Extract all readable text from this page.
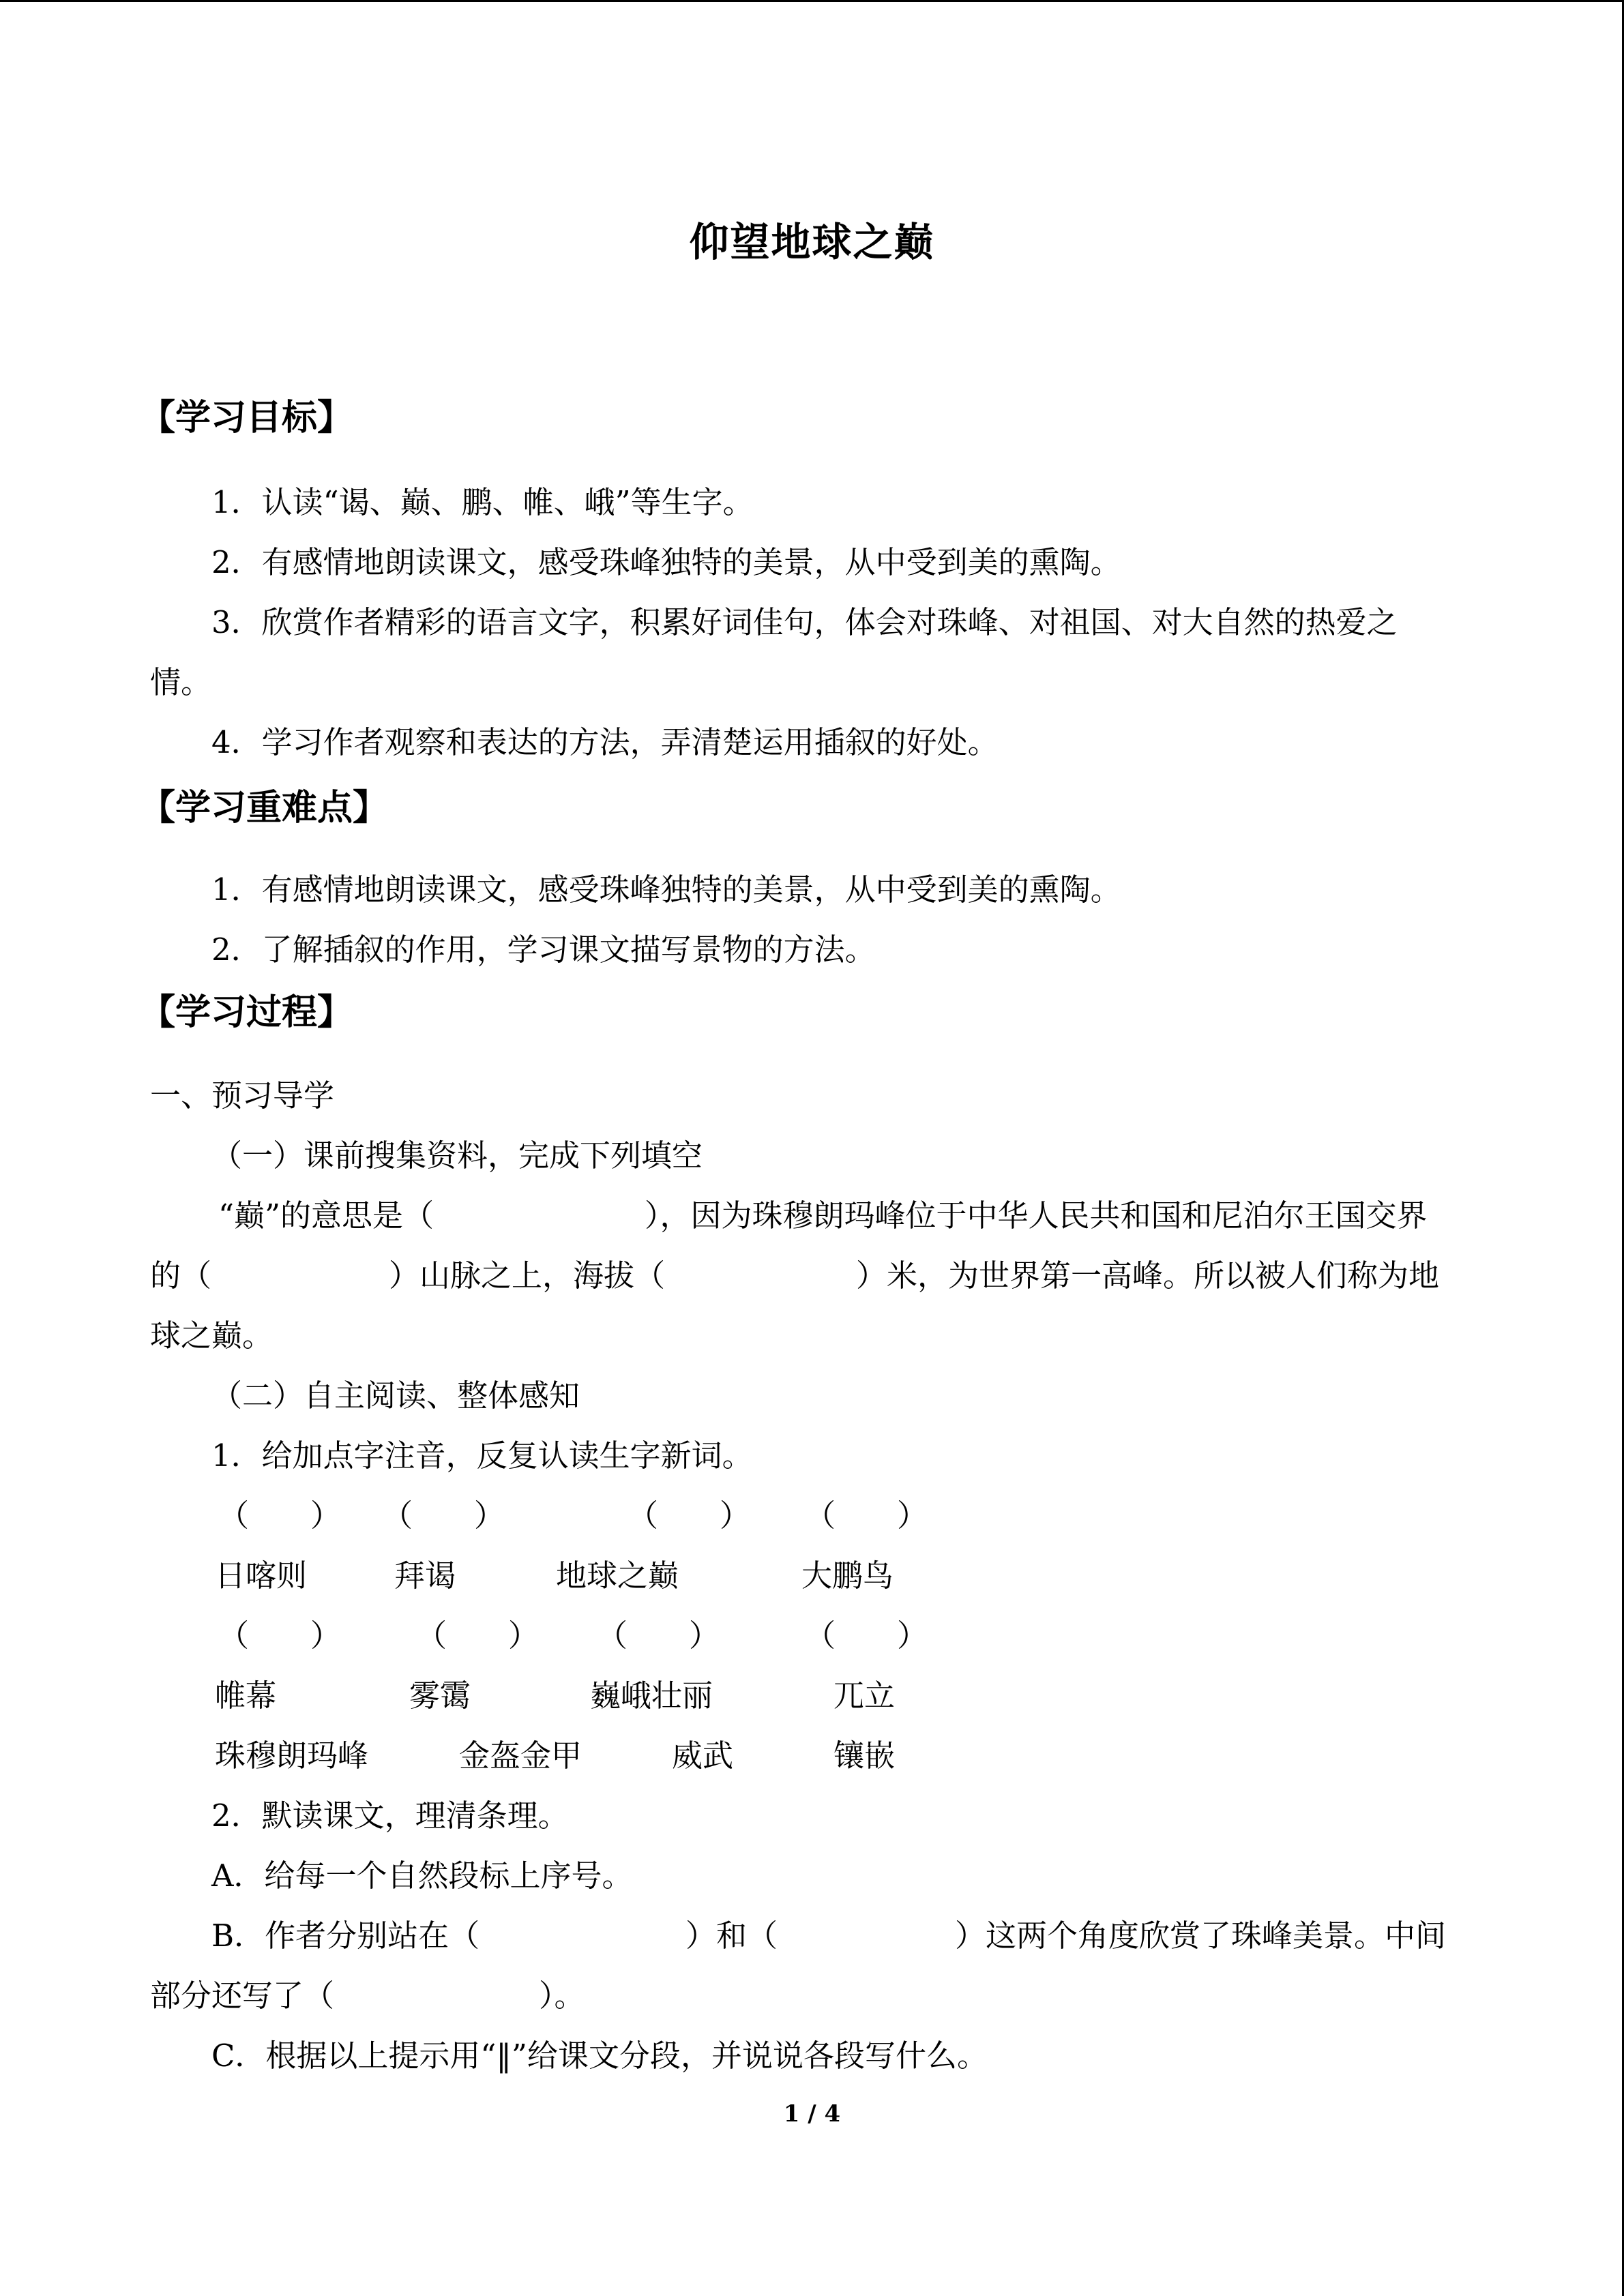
仰望地球之巅
【学习目标】
1．认读“谒、巅、鹏、帷、峨”等生字。
2．有感情地朗读课文，感受珠峰独特的美景，从中受到美的熏陶。
3．欣赏作者精彩的语言文字，积累好词佳句，体会对珠峰、对祖国、对大自然的热爱之
情。
4．学习作者观察和表达的方法，弄清楚运用插叙的好处。
【学习重难点】
1．有感情地朗读课文，感受珠峰独特的美景，从中受到美的熏陶。
2．了解插叙的作用，学习课文描写景物的方法。
【学习过程】
一、预习导学
（一）课前搜集资料，完成下列填空
“巅”的意思是（	），因为珠穆朗玛峰位于中华人民共和国和尼泊尔王国交界
的（	）山脉之上，海拔（	）米，为世界第一高峰。所以被人们称为地
球之巅。
（二）自主阅读、整体感知
1．给加点字注音，反复认读生字新词。
（　　） （　　）	（　　） （　　）
日喀则	拜谒	地球之巅	大鹏鸟
（　　） （　　） （　　）	（　　）
帷幕	雾霭	巍峨壮丽	兀立
珠穆朗玛峰	金盔金甲	威武	镶嵌
2．默读课文，理清条理。
A．给每一个自然段标上序号。
B．作者分别站在（	）和（	）这两个角度欣赏了珠峰美景。中间
部分还写了（	）。
C．根据以上提示用“‖”给课文分段，并说说各段写什么。
1 / 4
